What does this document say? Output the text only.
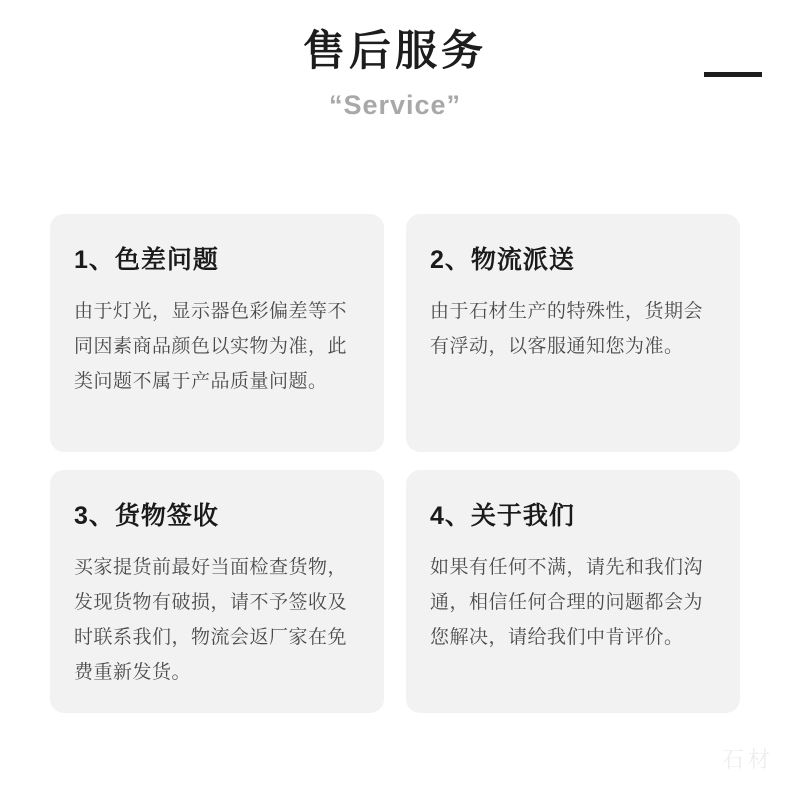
售后服务
“Service”
1、色差问题
由于灯光，显示器色彩偏差等不同因素商品颜色以实物为准，此类问题不属于产品质量问题。
2、物流派送
由于石材生产的特殊性，货期会有浮动，以客服通知您为准。
3、货物签收
买家提货前最好当面检查货物，发现货物有破损，请不予签收及时联系我们，物流会返厂家在免费重新发货。
4、关于我们
如果有任何不满，请先和我们沟通，相信任何合理的问题都会为您解决，请给我们中肯评价。
石材
